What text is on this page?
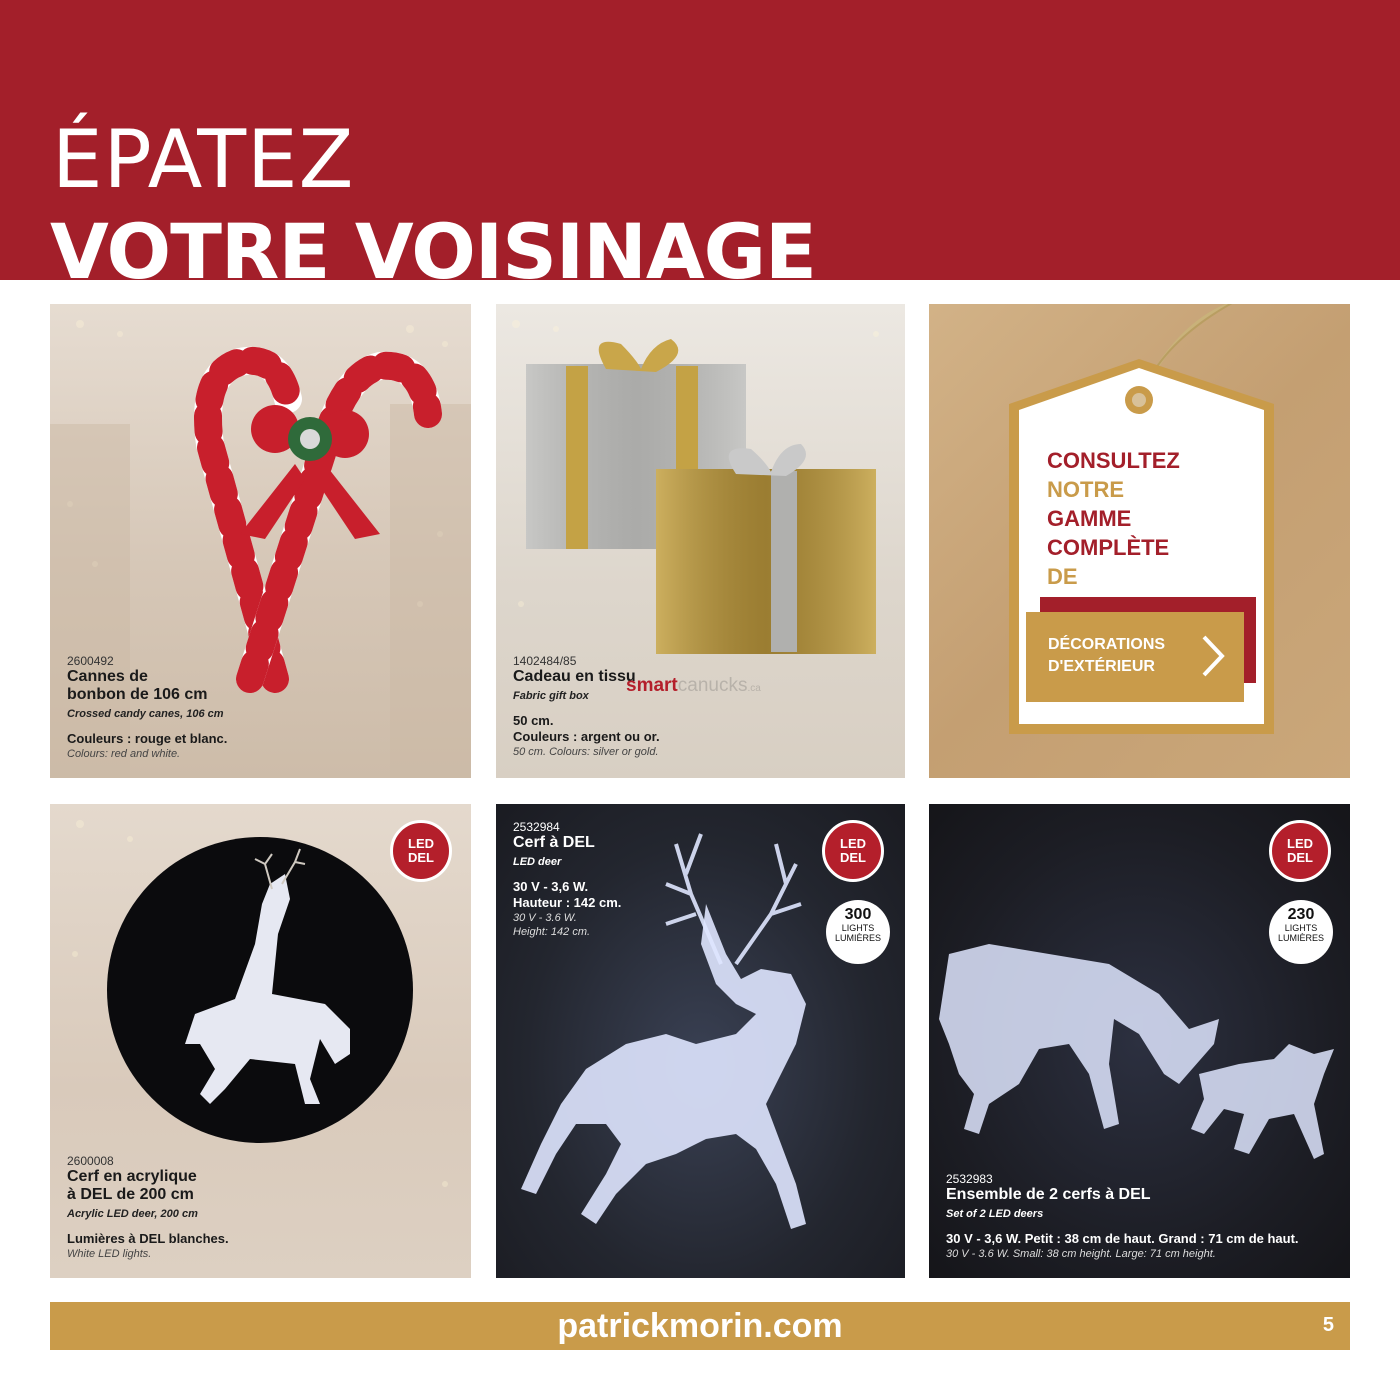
ÉPATEZ
VOTRE VOISINAGE
2600492
Cannes de
bonbon de 106 cm
Crossed candy canes, 106 cm
Couleurs : rouge et blanc.
Colours: red and white.
1402484/85
Cadeau en tissu
Fabric gift box
50 cm.
Couleurs : argent ou or.
50 cm. Colours: silver or gold.
CONSULTEZ
NOTRE
GAMME
COMPLÈTE
DE
DÉCORATIONS
D'EXTÉRIEUR
LED
DEL
2600008
Cerf en acrylique
à DEL de 200 cm
Acrylic LED deer, 200 cm
Lumières à DEL blanches.
White LED lights.
LED
DEL
300
LIGHTS
LUMIÈRES
2532984
Cerf à DEL
LED deer
30 V - 3,6 W.
Hauteur : 142 cm.
30 V - 3.6 W.
Height: 142 cm.
LED
DEL
230
LIGHTS
LUMIÈRES
2532983
Ensemble de 2 cerfs à DEL
Set of 2 LED deers
30 V - 3,6 W. Petit : 38 cm de haut. Grand : 71 cm de haut.
30 V - 3.6 W. Small: 38 cm height. Large: 71 cm height.
smartcanucks.ca
patrickmorin.com	5
